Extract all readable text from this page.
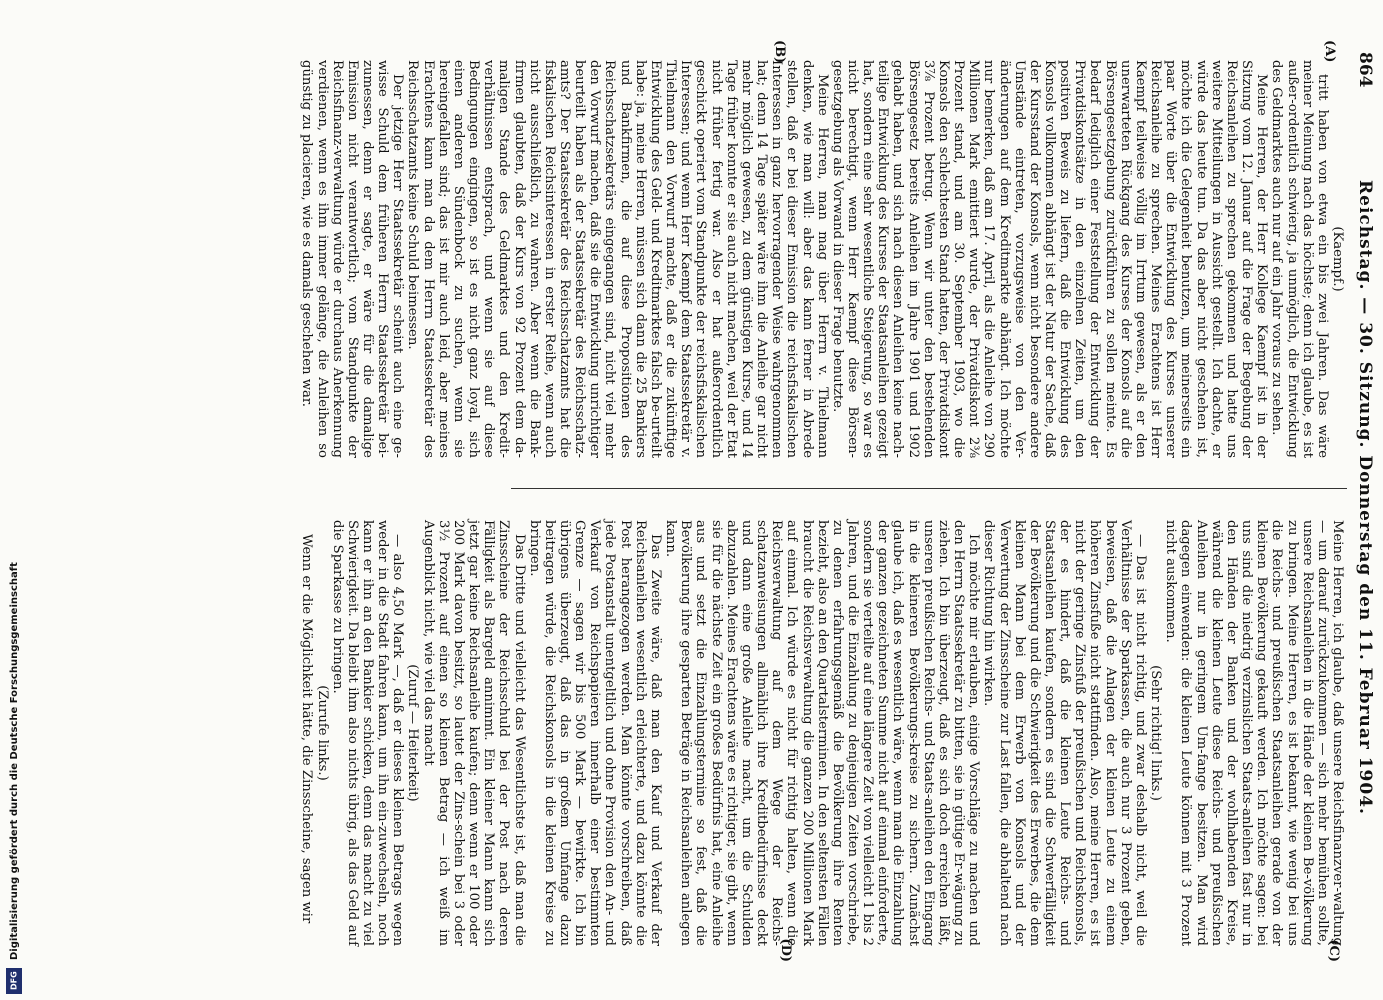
864
Reichstag. — 30. Sitzung. Donnerstag den 11. Februar 1904.
(A)
(B)
(C)
(D)

(Kaempf.)

tritt haben von etwa ein bis zwei Jahren. Das wäre meiner Meinung nach das höchste; denn ich glaube, es ist außer-ordentlich schwierig, ja unmöglich, die Entwicklung des Geldmarktes auch nur auf ein Jahr voraus zu sehen.

Meine Herren, der Herr Kollege Kaempf ist in der Sitzung vom 12. Januar auf die Frage der Begebung der Reichsanleihen zu sprechen gekommen und hatte uns weitere Mitteilungen in Aussicht gestellt. Ich dachte, er würde das heute tun. Da das aber nicht geschehen ist, möchte ich die Gelegenheit benutzen, um meinerseits ein paar Worte über die Entwicklung des Kurses unserer Reichsanleihe zu sprechen. Meines Erachtens ist Herr Kaempf teilweise völlig im Irrtum gewesen, als er den unerwarteten Rückgang des Kurses der Konsols auf die Börsengesetzgebung zurückführen zu sollen meinte. Es bedarf lediglich einer Feststellung der Entwicklung der Privatdiskontsätze in den einzelnen Zeiten, um den positiven Beweis zu liefern, daß die Entwicklung des Konsols vollkommen abhängt ist der Natur der Sache, daß der Kursstand der Konsols, wenn nicht besondere andere Umstände eintreten, vorzugsweise von den Ver-änderungen auf dem Kreditmarkte abhängt. Ich möchte nur bemerken, daß am 17. April, als die Anleihe von 290 Millionen Mark emittiert wurde, der Privatdiskont 2⅜ Prozent stand, und am 30. September 1903, wo die Konsols den schlechtesten Stand hatten, der Privatdiskont 3⅞ Prozent betrug. Wenn wir unter den bestehenden Börsengesetz bereits Anleihen im Jahre 1901 und 1902 gehabt haben, und sich nach diesen Anleihen keine nach-teilige Entwicklung des Kurses der Staatsanleihen gezeigt hat, sondern eine sehr wesentliche Steigerung, so war es nicht berechtigt, wenn Herr Kaempf diese Börsen-gesetzgebung als Vorwand in dieser Frage benutzte.

Meine Herren, man mag über Herrn v. Thielmann denken, wie man will: aber das kann ferner in Abrede stellen, daß er bei dieser Emission die reichsfiskalischen Interessen in ganz hervorragender Weise wahrgenommen hat; denn 14 Tage später wäre ihm die Anleihe gar nicht mehr möglich gewesen, zu dem günstigen Kurse, und 14 Tage früher konnte er sie auch nicht machen, weil der Etat nicht früher fertig war. Also er hat außerordentlich geschickt operiert vom Standpunkte der reichsfiskalischen Interessen; und wenn Herr Kaempf dem Staatssekretär v. Thielmann den Vorwurf machte, daß er die zukünftige Entwicklung des Geld- und Kreditmarktes falsch be-urteilt habe: ja, meine Herren, müssen sich dann die 25 Bankiers und Bankfirmen, die auf diese Propositionen des Reichsschatzsekretärs eingegangen sind, nicht viel mehr den Vorwurf machen, daß sie die Entwicklung unrichtiger beurteilt haben als der Staatssekretär des Reichsschatz-amts? Der Staatssekretär des Reichsschatzamts hat die fiskalischen Reichsinteressen in erster Reihe, wenn auch nicht ausschließlich, zu wahren. Aber wenn die Bank-firmen glaubten, daß der Kurs von 92 Prozent dem da-maligen Stande des Geldmarktes und den Kredit-verhältnissen entsprach, und wenn sie auf diese Bedingungen eingingen, so ist es nicht ganz loyal, sich einen anderen Sündenbock zu suchen, wenn sie hereingefallen sind; das ist mir auch leid, aber meines Erachtens kann man da dem Herrn Staatssekretär des Reichsschatzamts keine Schuld beimessen.

Der jetzige Herr Staatssekretär scheint auch eine ge-wisse Schuld dem früheren Herrn Staatssekretär bei-zumessen, denn er sagte, er wäre für die damalige Emission nicht verantwortlich; vom Standpunkte der Reichsfinanz-verwaltung würde er durchaus Anerkennung verdienen, wenn es ihm immer gelänge, die Anleihen so günstig zu placieren, wie es damals geschehen war.

Meine Herren, ich glaube, daß unsere Reichsfinanzver-waltung — um darauf zurückzukommen — sich mehr bemühen sollte, unsere Reichsanleihen in die Hände der kleinen Be-völkerung zu bringen. Meine Herren, es ist bekannt, wie wenig bei uns die Reichs- und preußischen Staatsanleihen gerade von der kleinen Bevölkerung gekauft werden. Ich möchte sagen: bei uns sind die niedrig verzinslichen Staats-anleihen fast nur in den Händen der Banken und der wohlhabenden Kreise, während die kleinen Leute diese Reichs- und preußischen Anleihen nur in geringem Um-fange besitzen. Man wird dagegen einwenden: die kleinen Leute können mit 3 Prozent nicht auskommen.

(Sehr richtig! links.)

— Das ist nicht richtig, und zwar deshalb nicht, weil die Verhältnisse der Sparkassen, die auch nur 3 Prozent geben, beweisen, daß die Anlagen der kleinen Leute zu einem höheren Zinsfuße nicht stattfinden. Also, meine Herren, es ist nicht der geringe Zinsfuß der preußischen und Reichskonsols, der es hindert, daß die kleinen Leute Reichs- und Staatsanleihen kaufen, sondern es sind die Schwerfälligkeit der Bevölkerung und die Schwierigkeit des Erwerbes, die dem kleinen Mann bei dem Erwerb von Konsols und der Verwertung der Zinsscheine zur Last fallen, die abhaltend nach dieser Richtung hin wirken.

Ich möchte mir erlauben, einige Vorschläge zu machen und den Herrn Staatssekretär zu bitten, sie in gütige Er-wägung zu ziehen. Ich bin überzeugt, daß es sich doch erreichen läßt, unseren preußischen Reichs- und Staats-anleihen den Eingang in die kleineren Bevölkerungs-kreise zu sichern. Zunächst glaube ich, daß es wesentlich wäre, wenn man die Einzahlung der ganzen gezeichneten Summe nicht auf einmal einforderte, sondern sie verteilte auf eine längere Zeit von vielleicht 1 bis 2 Jahren, und die Einzahlung zu denjenigen Zeiten vorschriebe, zu denen erfahrungsgemäß die Bevölkerung ihre Renten bezieht, also an den Quartalsterminen. In den seltensten Fällen braucht die Reichsverwaltung die ganzen 200 Millionen Mark auf einmal. Ich würde es nicht für richtig halten, wenn die Reichsverwaltung auf dem Wege der Reichs-schatzanweisungen allmählich ihre Kreditbedürfnisse deckt und dann eine große Anleihe macht, um die Schulden abzuzahlen. Meines Erachtens wäre es richtiger, sie gibt, wenn sie für die nächste Zeit ein großes Bedürfnis hat, eine Anleihe aus und setzt die Einzahlungstermine so fest, daß die Bevölkerung ihre gesparten Beträge in Reichsanleihen anlegen kann.

Das Zweite wäre, daß man den Kauf und Verkauf der Reichsanleihen wesentlich erleichterte, und dazu könnte die Post herangezogen werden. Man könnte vorschreiben, daß jede Postanstalt unentgeltlich und ohne Provision den An- und Verkauf von Reichspapieren innerhalb einer bestimmten Grenze — sagen wir bis 500 Mark — bewirkte. Ich bin übrigens überzeugt, daß das in großem Umfange dazu beitragen würde, die Reichskonsols in die kleinen Kreise zu bringen.

Das Dritte und vielleicht das Wesentlichste ist, daß man die Zinsscheine der Reichsschuld bei der Post nach deren Fälligkeit als Bargeld annimmt. Ein kleiner Mann kann sich jetzt gar keine Reichsanleihe kaufen; denn wenn er 100 oder 200 Mark davon besitzt, so lautet der Zins-schein bei 3 oder 3½ Prozent auf einen so kleinen Betrag — ich weiß im Augenblick nicht, wie viel das macht

(Zuruf — Heiterkeit)

— also 4,50 Mark —, daß er dieses kleinen Betrags wegen weder in die Stadt fahren kann, um ihn ein-zuwechseln, noch kann er ihn an den Bankier schicken, denn das macht zu viel Schwierigkeit. Da bleibt ihm also nichts übrig, als das Geld auf die Sparkasse zu bringen.

(Zurufe links.)

Wenn er die Möglichkeit hätte, die Zinsscheine, sagen wir

Digitalisierung gefördert durch die Deutsche Forschungsgemeinschaft
DFG
